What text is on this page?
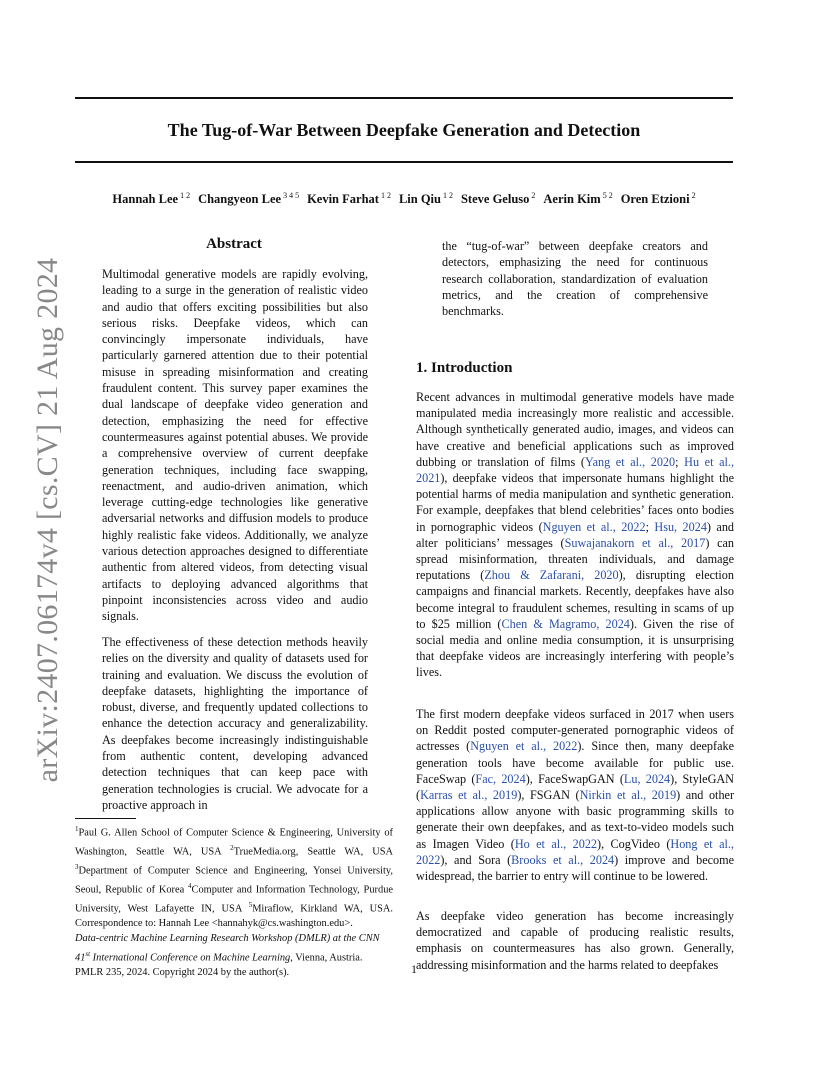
The Tug-of-War Between Deepfake Generation and Detection
Hannah Lee $^{1 2}$ Changyeon Lee $^{3 4 5}$ Kevin Farhat $^{1 2}$ Lin Qiu $^{1 2}$ Steve Geluso $^2$ Aerin Kim $^{5 2}$ Oren Etzioni $^2$
arXiv:2407.06174v4 [cs.CV] 21 Aug 2024
Abstract
Multimodal generative models are rapidly evolving, leading to a surge in the generation of realistic video and audio that offers exciting possibilities but also serious risks. Deepfake videos, which can convincingly impersonate individuals, have particularly garnered attention due to their potential misuse in spreading misinformation and creating fraudulent content. This survey paper examines the dual landscape of deepfake video generation and detection, emphasizing the need for effective countermeasures against potential abuses. We provide a comprehensive overview of current deepfake generation techniques, including face swapping, reenactment, and audio-driven animation, which leverage cutting-edge technologies like generative adversarial networks and diffusion models to produce highly realistic fake videos. Additionally, we analyze various detection approaches designed to differentiate authentic from altered videos, from detecting visual artifacts to deploying advanced algorithms that pinpoint inconsistencies across video and audio signals.
The effectiveness of these detection methods heavily relies on the diversity and quality of datasets used for training and evaluation. We discuss the evolution of deepfake datasets, highlighting the importance of robust, diverse, and frequently updated collections to enhance the detection accuracy and generalizability. As deepfakes become increasingly indistinguishable from authentic content, developing advanced detection techniques that can keep pace with generation technologies is crucial. We advocate for a proactive approach in
$^1$Paul G. Allen School of Computer Science & Engineering, University of Washington, Seattle WA, USA $^2$TrueMedia.org, Seattle WA, USA $^3$Department of Computer Science and Engineering, Yonsei University, Seoul, Republic of Korea $^4$Computer and Information Technology, Purdue University, West Lafayette IN, USA $^5$Miraflow, Kirkland WA, USA. Correspondence to: Hannah Lee <hannahyk@cs.washington.edu>.
Data-centric Machine Learning Research Workshop (DMLR) at the CNN 41st International Conference on Machine Learning, Vienna, Austria. PMLR 235, 2024. Copyright 2024 by the author(s).
the “tug-of-war” between deepfake creators and detectors, emphasizing the need for continuous research collaboration, standardization of evaluation metrics, and the creation of comprehensive benchmarks.
1. Introduction
Recent advances in multimodal generative models have made manipulated media increasingly more realistic and accessible. Although synthetically generated audio, images, and videos can have creative and beneficial applications such as improved dubbing or translation of films (Yang et al., 2020; Hu et al., 2021), deepfake videos that impersonate humans highlight the potential harms of media manipulation and synthetic generation. For example, deepfakes that blend celebrities’ faces onto bodies in pornographic videos (Nguyen et al., 2022; Hsu, 2024) and alter politicians’ messages (Suwajanakorn et al., 2017) can spread misinformation, threaten individuals, and damage reputations (Zhou & Zafarani, 2020), disrupting election campaigns and financial markets. Recently, deepfakes have also become integral to fraudulent schemes, resulting in scams of up to $25 million (Chen & Magramo, 2024). Given the rise of social media and online media consumption, it is unsurprising that deepfake videos are increasingly interfering with people’s lives.
The first modern deepfake videos surfaced in 2017 when users on Reddit posted computer-generated pornographic videos of actresses (Nguyen et al., 2022). Since then, many deepfake generation tools have become available for public use. FaceSwap (Fac, 2024), FaceSwapGAN (Lu, 2024), StyleGAN (Karras et al., 2019), FSGAN (Nirkin et al., 2019) and other applications allow anyone with basic programming skills to generate their own deepfakes, and as text-to-video models such as Imagen Video (Ho et al., 2022), CogVideo (Hong et al., 2022), and Sora (Brooks et al., 2024) improve and become widespread, the barrier to entry will continue to be lowered.
As deepfake video generation has become increasingly democratized and capable of producing realistic results, emphasis on countermeasures has also grown. Generally, addressing misinformation and the harms related to deepfakes
1
